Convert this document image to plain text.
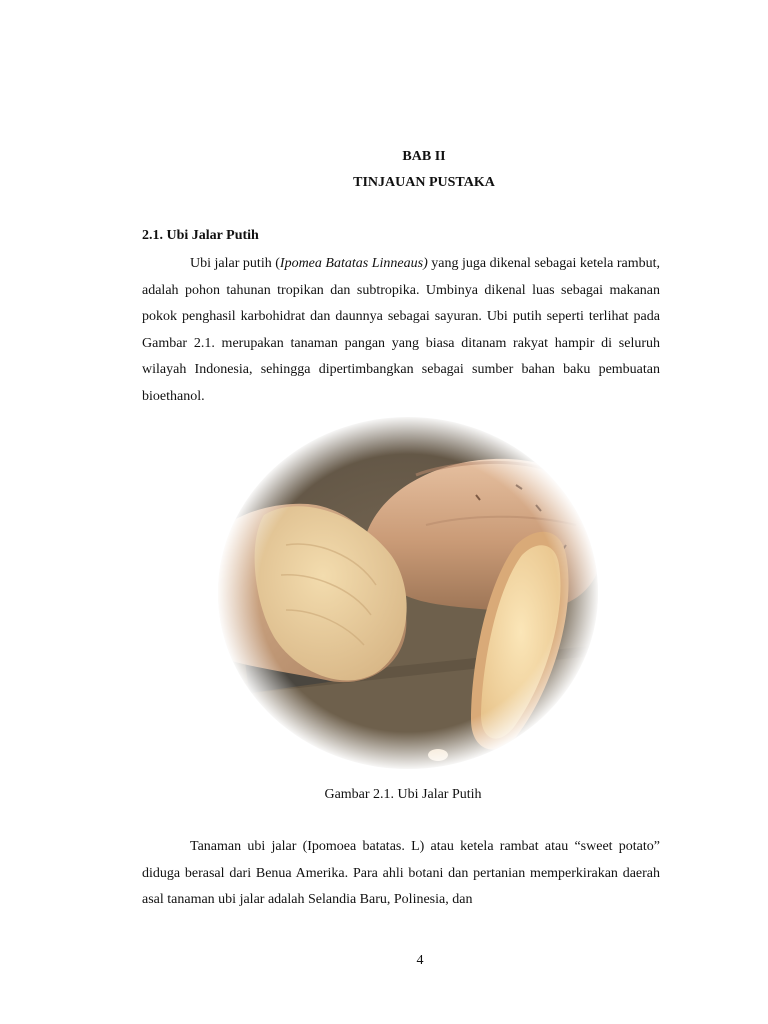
BAB II
TINJAUAN PUSTAKA
2.1. Ubi Jalar Putih

Ubi jalar putih (Ipomea Batatas Linneaus) yang juga dikenal sebagai ketela rambut, adalah pohon tahunan tropikan dan subtropika. Umbinya dikenal luas sebagai makanan pokok penghasil karbohidrat dan daunnya sebagai sayuran. Ubi putih seperti terlihat pada Gambar 2.1. merupakan tanaman pangan yang biasa ditanam rakyat hampir di seluruh wilayah Indonesia, sehingga dipertimbangkan sebagai sumber bahan baku pembuatan bioethanol.

Gambar 2.1. Ubi Jalar Putih

Tanaman ubi jalar (Ipomoea batatas. L) atau ketela rambat atau “sweet potato” diduga berasal dari Benua Amerika. Para ahli botani dan pertanian memperkirakan daerah asal tanaman ubi jalar adalah Selandia Baru, Polinesia, dan

4
